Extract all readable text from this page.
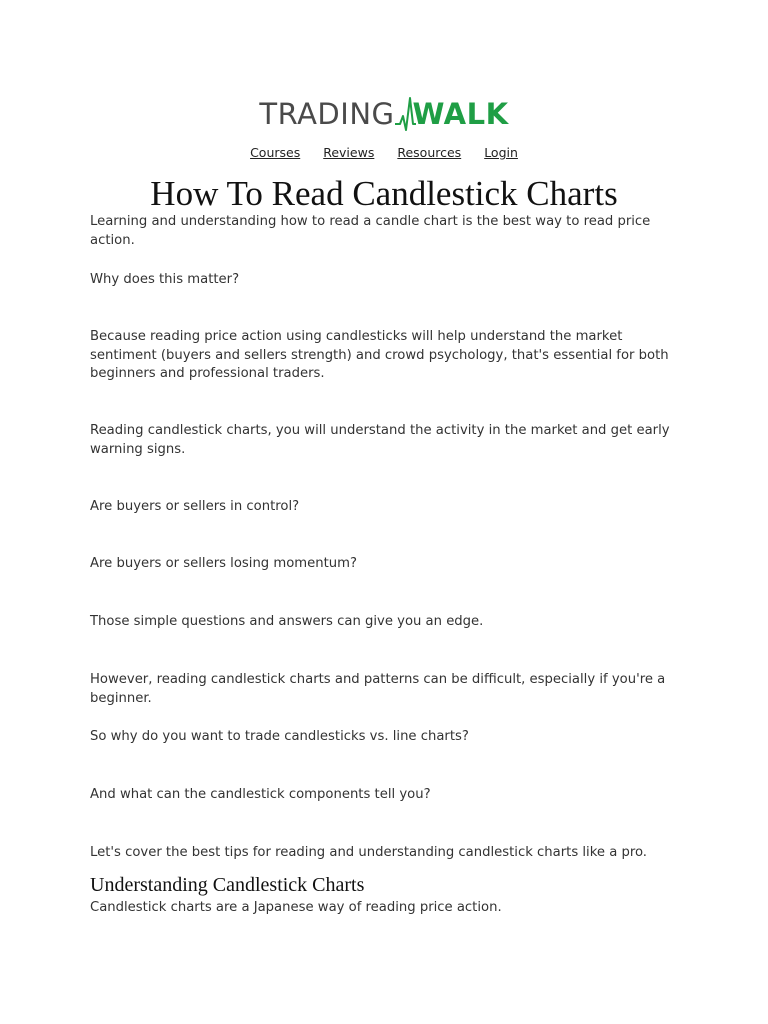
TRADING WALK
Courses Reviews Resources Login
How To Read Candlestick Charts

Learning and understanding how to read a candle chart is the best way to read price action.

Why does this matter?

Because reading price action using candlesticks will help understand the market sentiment (buyers and sellers strength) and crowd psychology, that's essential for both beginners and professional traders.

Reading candlestick charts, you will understand the activity in the market and get early warning signs.

Are buyers or sellers in control?

Are buyers or sellers losing momentum?

Those simple questions and answers can give you an edge.

However, reading candlestick charts and patterns can be difficult, especially if you're a beginner.

So why do you want to trade candlesticks vs. line charts?

And what can the candlestick components tell you?

Let's cover the best tips for reading and understanding candlestick charts like a pro.

Understanding Candlestick Charts

Candlestick charts are a Japanese way of reading price action.
